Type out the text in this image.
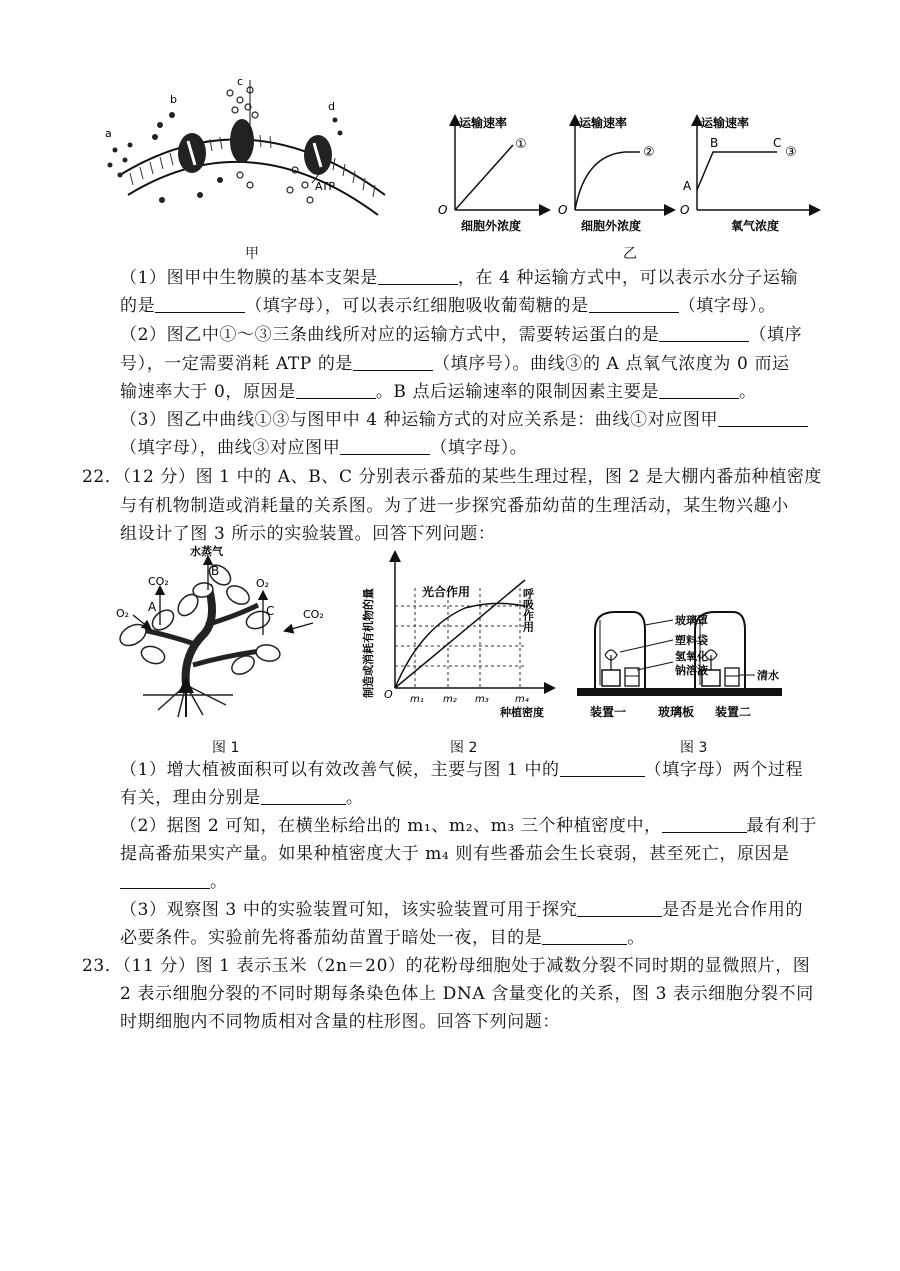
a
b
c
d
ATP
甲
运输速率
①
O
细胞外浓度
运输速率
②
O
细胞外浓度
运输速率
A
B	C
③
O
氧气浓度
乙
（1）图甲中生物膜的基本支架是	，在 4 种运输方式中，可以表示水分子运输
的是	（填字母），可以表示红细胞吸收葡萄糖的是	（填字母）。
（2）图乙中①～③三条曲线所对应的运输方式中，需要转运蛋白的是	（填序
号），一定需要消耗 ATP 的是	（填序号）。曲线③的 A 点氧气浓度为 0 而运
输速率大于 0，原因是	。B 点后运输速率的限制因素主要是	。
（3）图乙中曲线①③与图甲中 4 种运输方式的对应关系是：曲线①对应图甲
（填字母），曲线③对应图甲	（填字母）。
22．（12 分）图 1 中的 A、B、C 分别表示番茄的某些生理过程，图 2 是大棚内番茄种植密度
与有机物制造或消耗量的关系图。为了进一步探究番茄幼苗的生理活动，某生物兴趣小
组设计了图 3 所示的实验装置。回答下列问题：
水蒸气
B
CO₂
A
O₂
O₂
C	CO₂
图 1
制造或消耗有机物的量	光合作用	呼吸作用
O m₁ m₂ m₃	m₄
种植密度
图 2
玻璃罩
塑料袋
氢氧化钠溶液	清水
装置一	玻璃板 装置二
图 3
（1）增大植被面积可以有效改善气候，主要与图 1 中的	（填字母）两个过程
有关，理由分别是	。
（2）据图 2 可知，在横坐标给出的 m₁、m₂、m₃ 三个种植密度中，	最有利于
提高番茄果实产量。如果种植密度大于 m₄ 则有些番茄会生长衰弱，甚至死亡，原因是
。
（3）观察图 3 中的实验装置可知，该实验装置可用于探究	是否是光合作用的
必要条件。实验前先将番茄幼苗置于暗处一夜，目的是	。
23．（11 分）图 1 表示玉米（2n＝20）的花粉母细胞处于减数分裂不同时期的显微照片，图
2 表示细胞分裂的不同时期每条染色体上 DNA 含量变化的关系，图 3 表示细胞分裂不同
时期细胞内不同物质相对含量的柱形图。回答下列问题：
